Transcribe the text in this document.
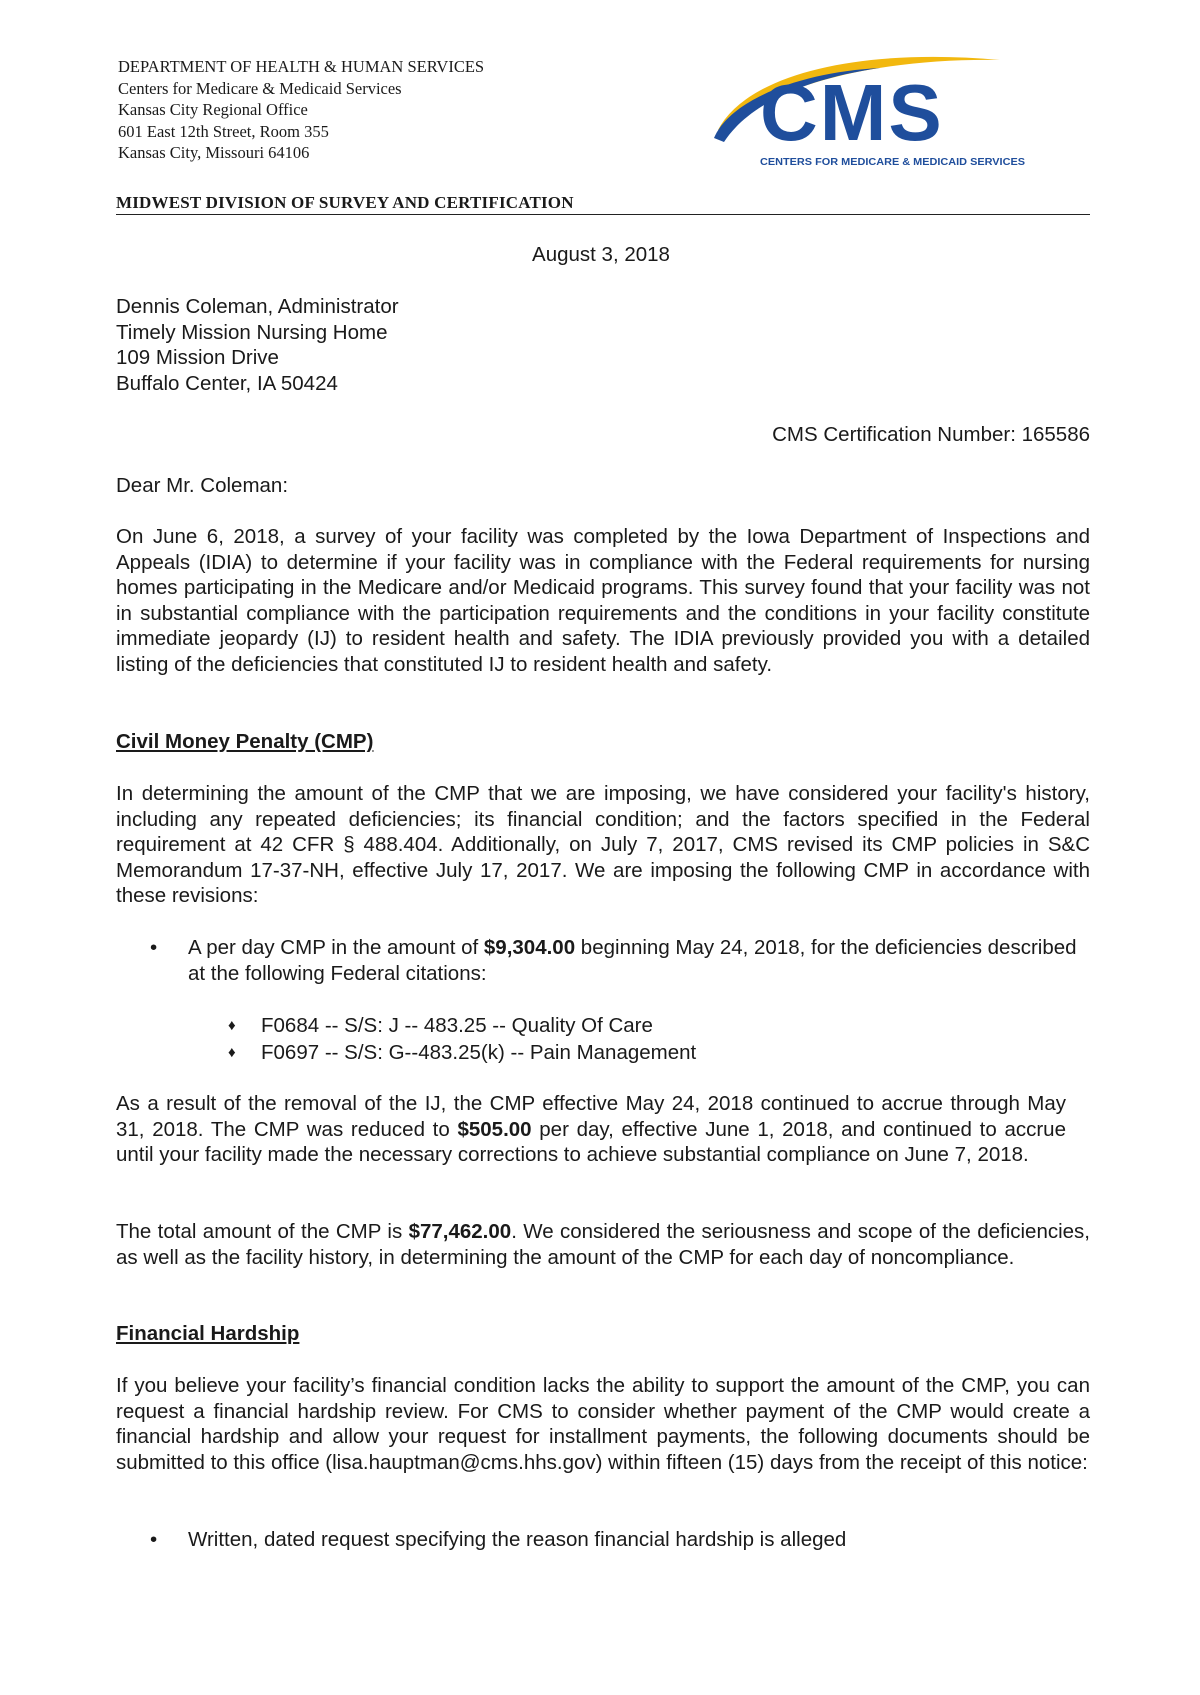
DEPARTMENT OF HEALTH & HUMAN SERVICES
Centers for Medicare & Medicaid Services
Kansas City Regional Office
601 East 12th Street, Room 355
Kansas City, Missouri 64106	CMS
CENTERS FOR MEDICARE & MEDICAID SERVICES
MIDWEST DIVISION OF SURVEY AND CERTIFICATION
August 3, 2018
Dennis Coleman, Administrator
Timely Mission Nursing Home
109 Mission Drive
Buffalo Center, IA 50424
CMS Certification Number: 165586
Dear Mr. Coleman:
On June 6, 2018, a survey of your facility was completed by the Iowa Department of Inspections and Appeals (IDIA) to determine if your facility was in compliance with the Federal requirements for nursing homes participating in the Medicare and/or Medicaid programs. This survey found that your facility was not in substantial compliance with the participation requirements and the conditions in your facility constitute immediate jeopardy (IJ) to resident health and safety. The IDIA previously provided you with a detailed listing of the deficiencies that constituted IJ to resident health and safety.
Civil Money Penalty (CMP)
In determining the amount of the CMP that we are imposing, we have considered your facility's history, including any repeated deficiencies; its financial condition; and the factors specified in the Federal requirement at 42 CFR § 488.404. Additionally, on July 7, 2017, CMS revised its CMP policies in S&C Memorandum 17-37-NH, effective July 17, 2017. We are imposing the following CMP in accordance with these revisions:
•	A per day CMP in the amount of $9,304.00 beginning May 24, 2018, for the deficiencies described at the following Federal citations:
♦ F0684 -- S/S: J -- 483.25 -- Quality Of Care
♦ F0697 -- S/S: G--483.25(k) -- Pain Management
As a result of the removal of the IJ, the CMP effective May 24, 2018 continued to accrue through May 31, 2018. The CMP was reduced to $505.00 per day, effective June 1, 2018, and continued to accrue until your facility made the necessary corrections to achieve substantial compliance on June 7, 2018.
The total amount of the CMP is $77,462.00. We considered the seriousness and scope of the deficiencies, as well as the facility history, in determining the amount of the CMP for each day of noncompliance.
Financial Hardship
If you believe your facility’s financial condition lacks the ability to support the amount of the CMP, you can request a financial hardship review. For CMS to consider whether payment of the CMP would create a financial hardship and allow your request for installment payments, the following documents should be submitted to this office (lisa.hauptman@cms.hhs.gov) within fifteen (15) days from the receipt of this notice:
•	Written, dated request specifying the reason financial hardship is alleged
